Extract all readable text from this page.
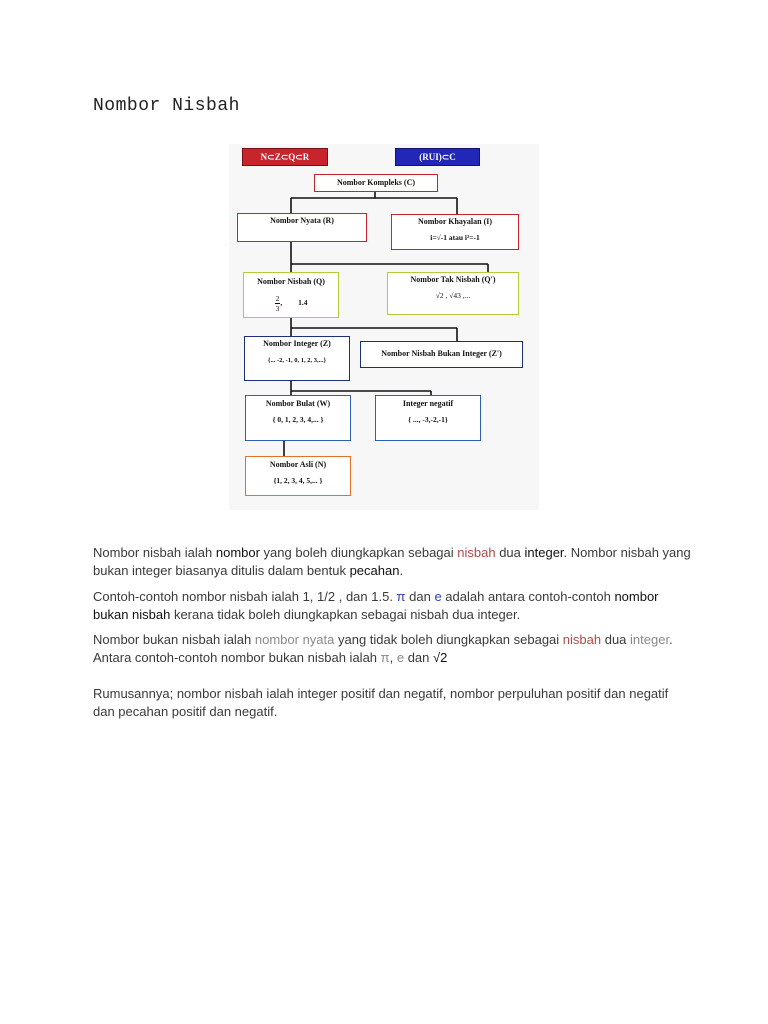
Nombor Nisbah
N⊂Z⊂Q⊂R	(RUI)⊂C
Nombor Kompleks (C)
Nombor Nyata (R)	Nombor Khayalan (I)
i=√-1 atau i²=-1
Nombor Nisbah (Q)
$\frac{2}{3}$ , 1.4
Nombor Tak Nisbah (Q')
√2 , √43 ,...
Nombor Integer (Z)
{... -2, -1, 0, 1, 2, 3,...}
Nombor Nisbah Bukan Integer (Z')
Nombor Bulat (W)
{ 0, 1, 2, 3, 4,... }
Integer negatif
{ ..., -3,-2,-1}
Nombor Asli (N)
{1, 2, 3, 4, 5,... }

Nombor nisbah ialah nombor yang boleh diungkapkan sebagai nisbah dua integer. Nombor nisbah yang bukan integer biasanya ditulis dalam bentuk pecahan.

Contoh-contoh nombor nisbah ialah 1, 1/2 , dan 1.5. π dan e adalah antara contoh-contoh nombor bukan nisbah kerana tidak boleh diungkapkan sebagai nisbah dua integer.

Nombor bukan nisbah ialah nombor nyata yang tidak boleh diungkapkan sebagai nisbah dua integer. Antara contoh-contoh nombor bukan nisbah ialah π, e dan √2

Rumusannya; nombor nisbah ialah integer positif dan negatif, nombor perpuluhan positif dan negatif dan pecahan positif dan negatif.
